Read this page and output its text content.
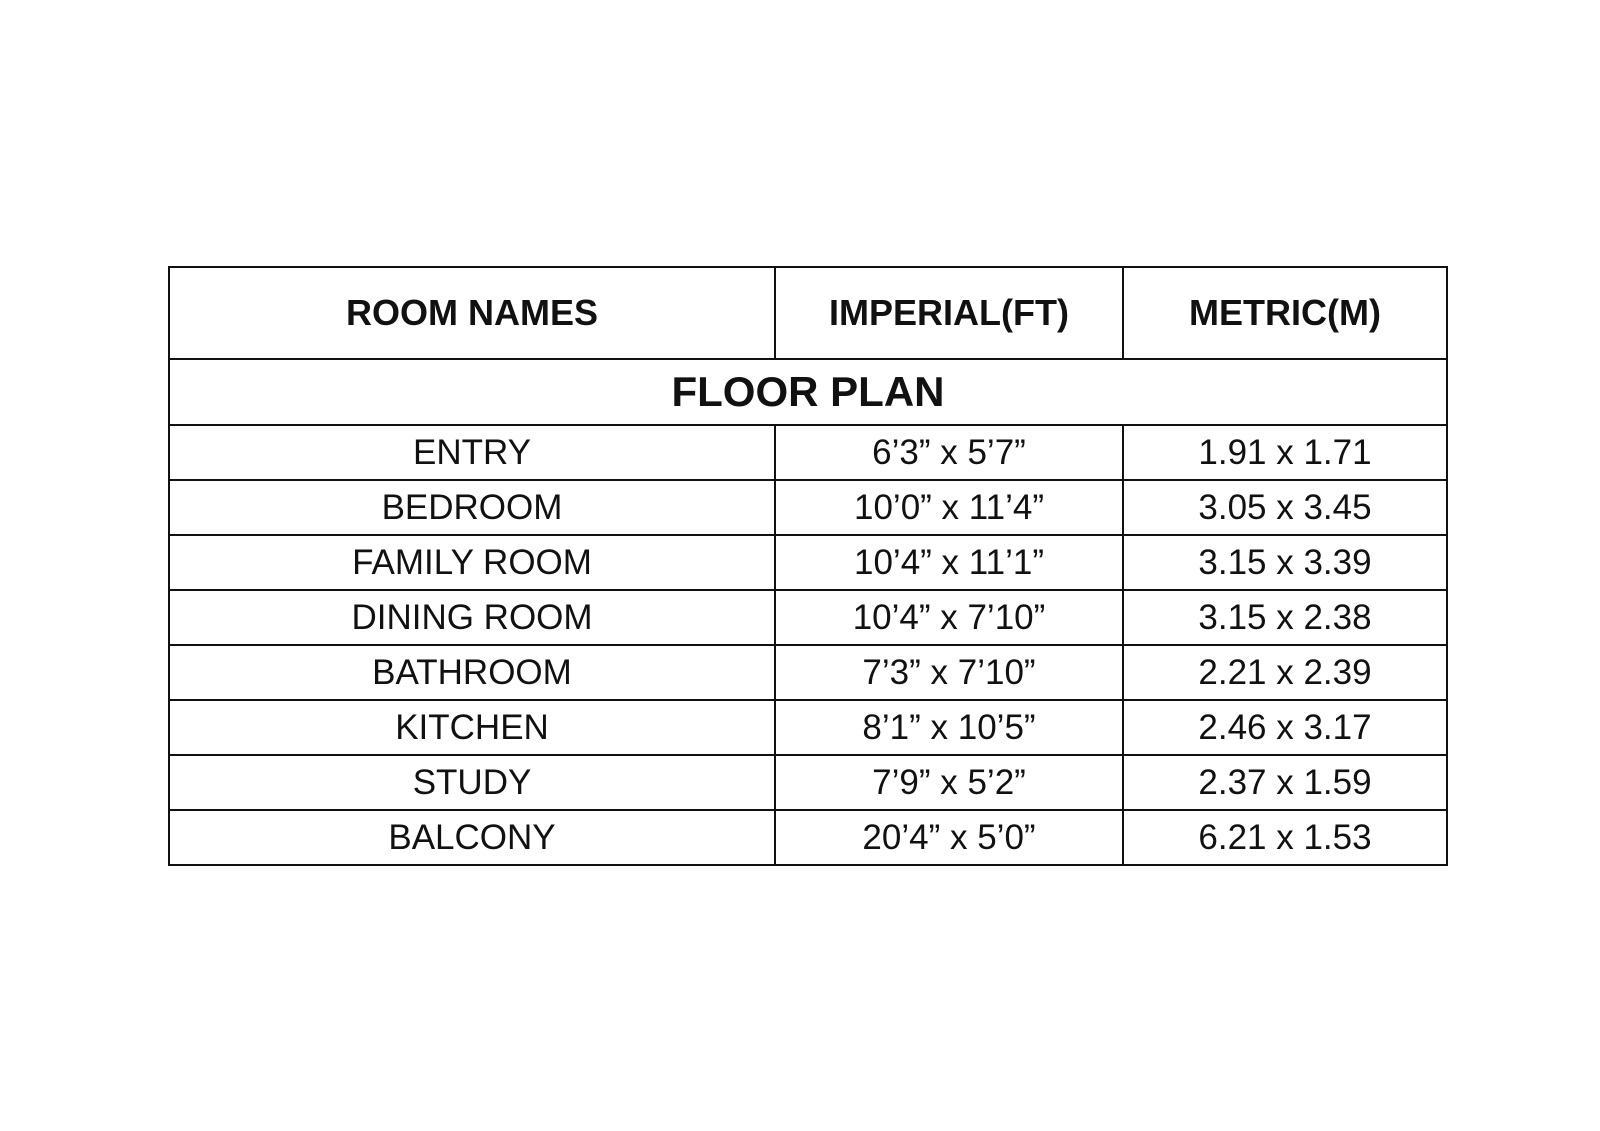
ROOM NAMES	IMPERIAL(FT)	METRIC(M)
FLOOR PLAN		
ENTRY	6’3” x 5’7”	1.91 x 1.71
BEDROOM	10’0” x 11’4”	3.05 x 3.45
FAMILY ROOM	10’4” x 11’1”	3.15 x 3.39
DINING ROOM	10’4” x 7’10”	3.15 x 2.38
BATHROOM	7’3” x 7’10”	2.21 x 2.39
KITCHEN	8’1” x 10’5”	2.46 x 3.17
STUDY	7’9” x 5’2”	2.37 x 1.59
BALCONY	20’4” x 5’0”	6.21 x 1.53
